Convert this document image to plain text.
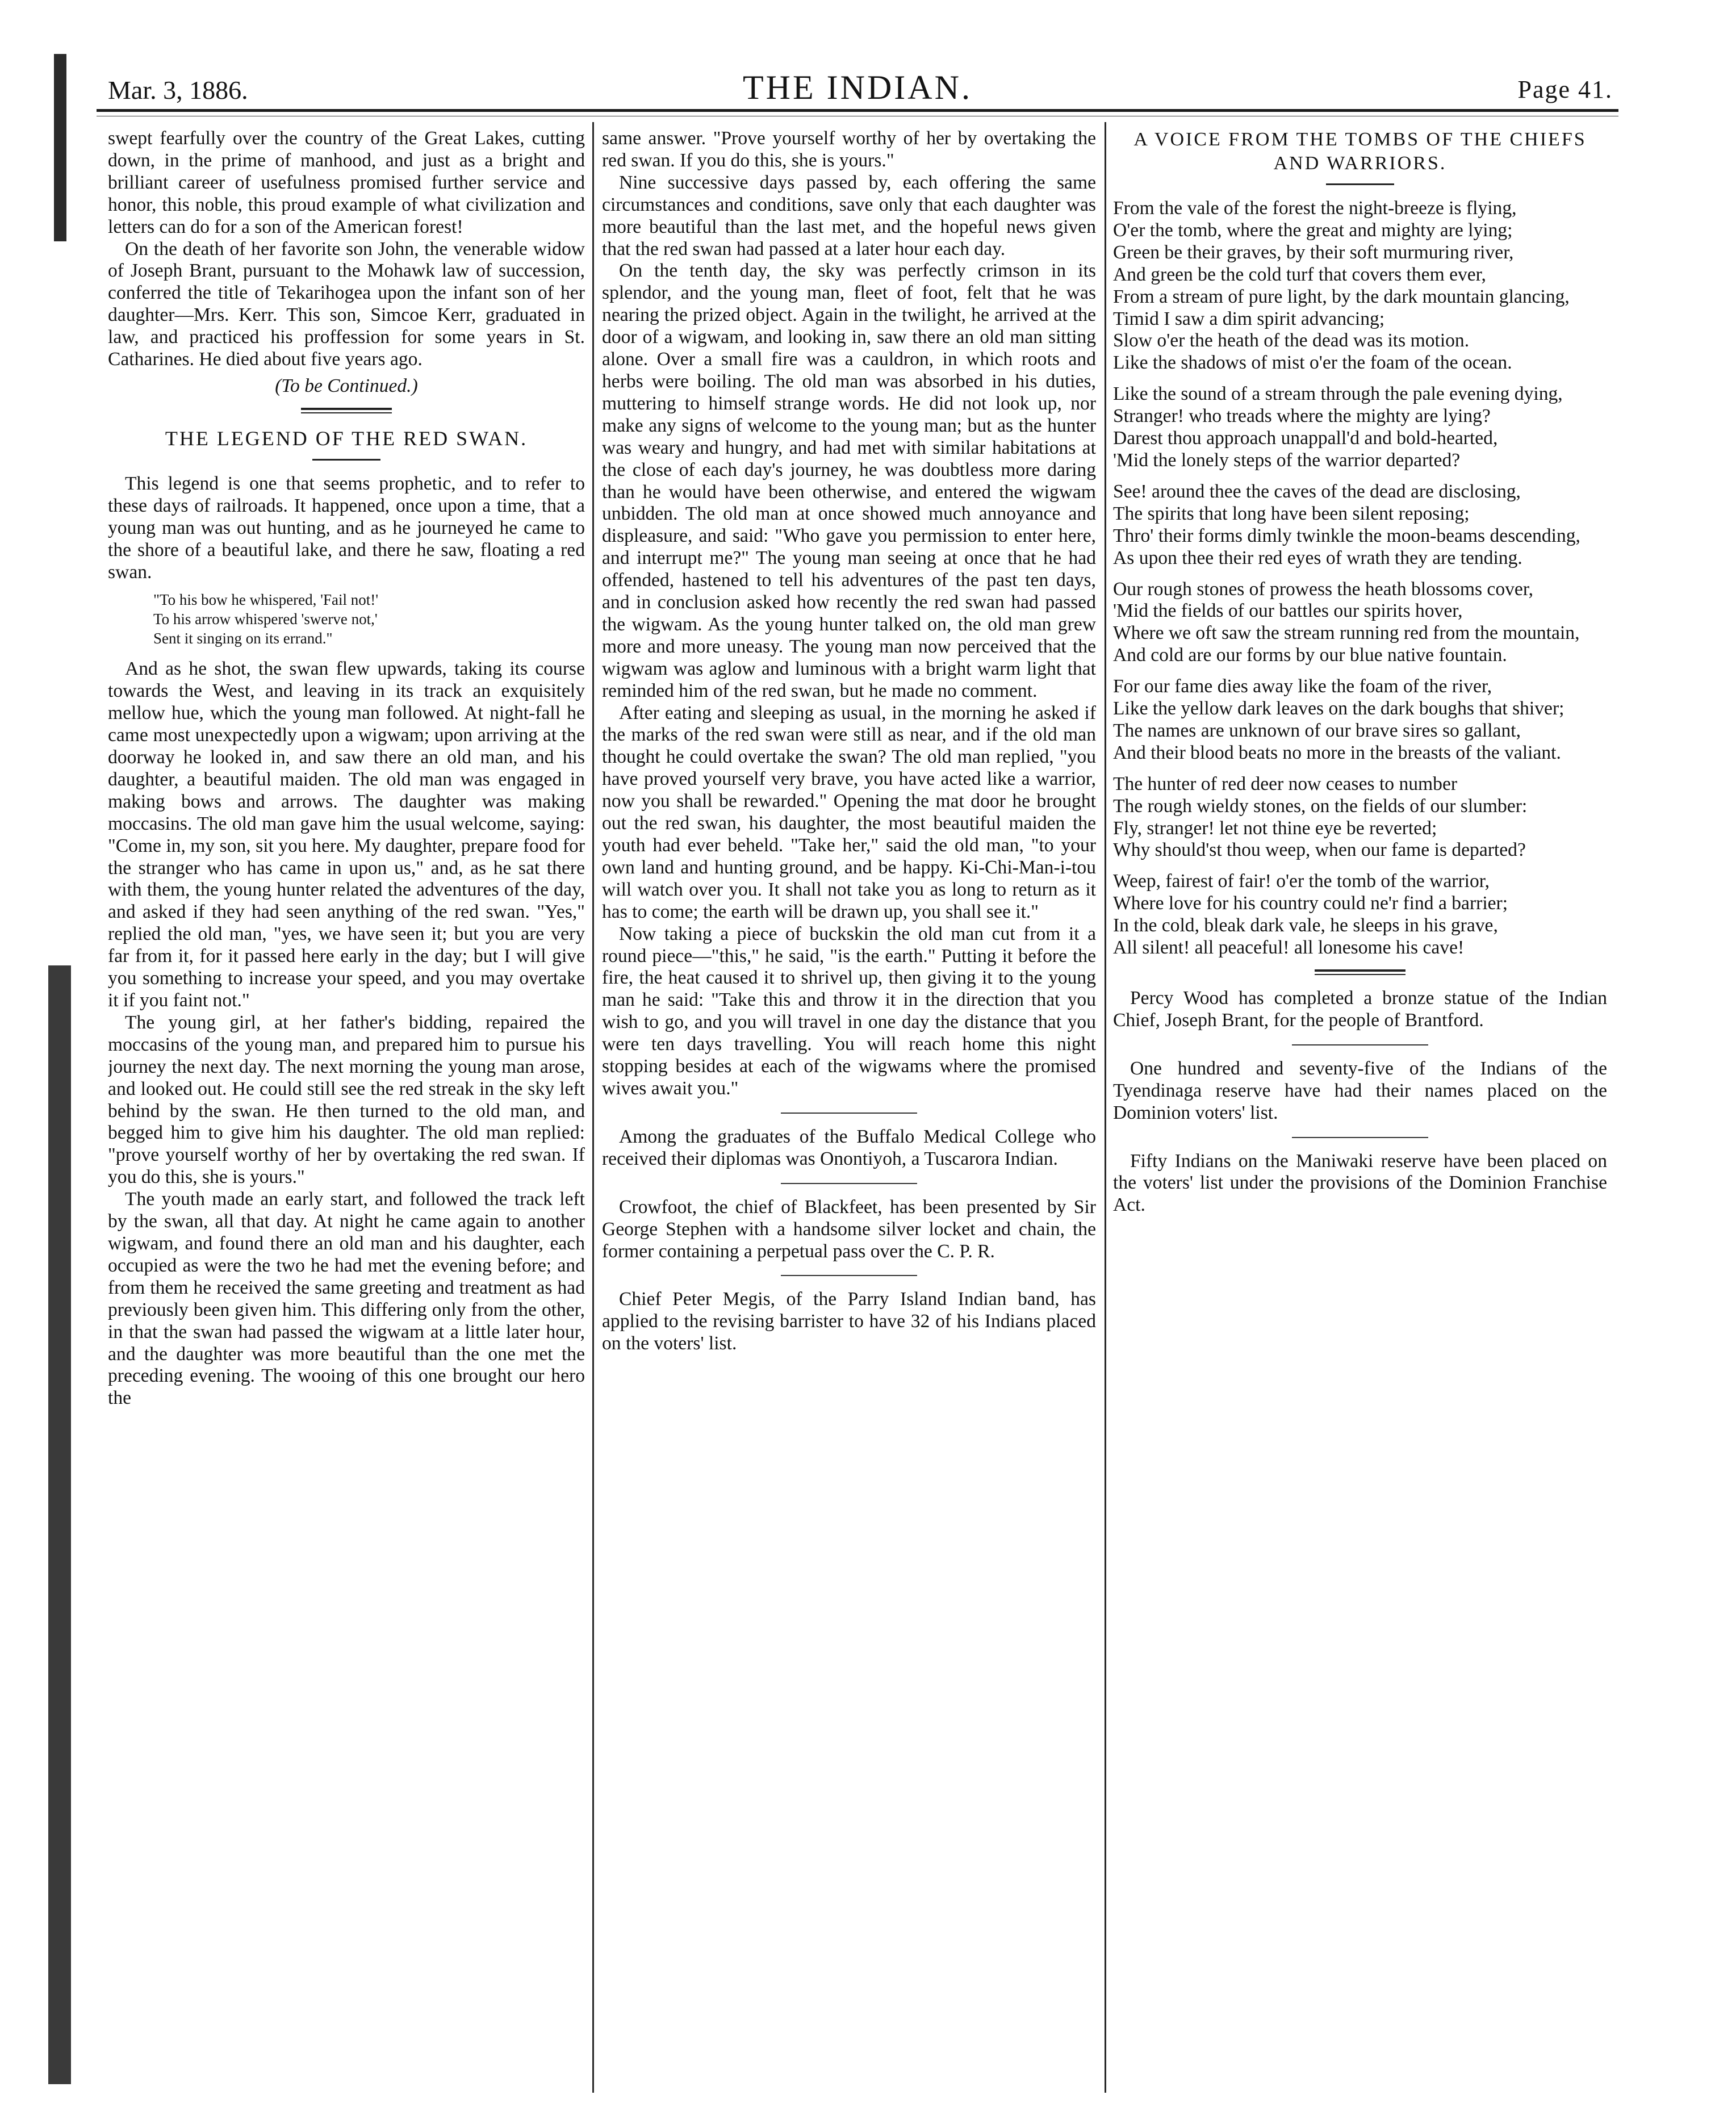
Mar. 3, 1886.	THE INDIAN.	Page 41.

swept fearfully over the country of the Great Lakes, cutting down, in the prime of manhood, and just as a bright and brilliant career of usefulness promised further service and honor, this noble, this proud example of what civilization and letters can do for a son of the American forest!

On the death of her favorite son John, the venerable widow of Joseph Brant, pursuant to the Mohawk law of succession, conferred the title of Tekarihogea upon the infant son of her daughter—Mrs. Kerr. This son, Simcoe Kerr, graduated in law, and practiced his proffession for some years in St. Catharines. He died about five years ago.

(To be Continued.)
THE LEGEND OF THE RED SWAN.

This legend is one that seems prophetic, and to refer to these days of railroads. It happened, once upon a time, that a young man was out hunting, and as he journeyed he came to the shore of a beautiful lake, and there he saw, floating a red swan.

"To his bow he whispered, 'Fail not!'
To his arrow whispered 'swerve not,'
Sent it singing on its errand."

And as he shot, the swan flew upwards, taking its course towards the West, and leaving in its track an exquisitely mellow hue, which the young man followed. At night-fall he came most unexpectedly upon a wigwam; upon arriving at the doorway he looked in, and saw there an old man, and his daughter, a beautiful maiden. The old man was engaged in making bows and arrows. The daughter was making moccasins. The old man gave him the usual welcome, saying: "Come in, my son, sit you here. My daughter, prepare food for the stranger who has came in upon us," and, as he sat there with them, the young hunter related the adventures of the day, and asked if they had seen anything of the red swan. "Yes," replied the old man, "yes, we have seen it; but you are very far from it, for it passed here early in the day; but I will give you something to increase your speed, and you may overtake it if you faint not."

The young girl, at her father's bidding, repaired the moccasins of the young man, and prepared him to pursue his journey the next day. The next morning the young man arose, and looked out. He could still see the red streak in the sky left behind by the swan. He then turned to the old man, and begged him to give him his daughter. The old man replied: "prove yourself worthy of her by overtaking the red swan. If you do this, she is yours."

The youth made an early start, and followed the track left by the swan, all that day. At night he came again to another wigwam, and found there an old man and his daughter, each occupied as were the two he had met the evening before; and from them he received the same greeting and treatment as had previously been given him. This differing only from the other, in that the swan had passed the wigwam at a little later hour, and the daughter was more beautiful than the one met the preceding evening. The wooing of this one brought our hero the

same answer. "Prove yourself worthy of her by overtaking the red swan. If you do this, she is yours."

Nine successive days passed by, each offering the same circumstances and conditions, save only that each daughter was more beautiful than the last met, and the hopeful news given that the red swan had passed at a later hour each day.

On the tenth day, the sky was perfectly crimson in its splendor, and the young man, fleet of foot, felt that he was nearing the prized object. Again in the twilight, he arrived at the door of a wigwam, and looking in, saw there an old man sitting alone. Over a small fire was a cauldron, in which roots and herbs were boiling. The old man was absorbed in his duties, muttering to himself strange words. He did not look up, nor make any signs of welcome to the young man; but as the hunter was weary and hungry, and had met with similar habitations at the close of each day's journey, he was doubtless more daring than he would have been otherwise, and entered the wigwam unbidden. The old man at once showed much annoyance and displeasure, and said: "Who gave you permission to enter here, and interrupt me?" The young man seeing at once that he had offended, hastened to tell his adventures of the past ten days, and in conclusion asked how recently the red swan had passed the wigwam. As the young hunter talked on, the old man grew more and more uneasy. The young man now perceived that the wigwam was aglow and luminous with a bright warm light that reminded him of the red swan, but he made no comment.

After eating and sleeping as usual, in the morning he asked if the marks of the red swan were still as near, and if the old man thought he could overtake the swan? The old man replied, "you have proved yourself very brave, you have acted like a warrior, now you shall be rewarded." Opening the mat door he brought out the red swan, his daughter, the most beautiful maiden the youth had ever beheld. "Take her," said the old man, "to your own land and hunting ground, and be happy. Ki-Chi-Man-i-tou will watch over you. It shall not take you as long to return as it has to come; the earth will be drawn up, you shall see it."

Now taking a piece of buckskin the old man cut from it a round piece—"this," he said, "is the earth." Putting it before the fire, the heat caused it to shrivel up, then giving it to the young man he said: "Take this and throw it in the direction that you wish to go, and you will travel in one day the distance that you were ten days travelling. You will reach home this night stopping besides at each of the wigwams where the promised wives await you."

Among the graduates of the Buffalo Medical College who received their diplomas was Onontiyoh, a Tuscarora Indian.

Crowfoot, the chief of Blackfeet, has been presented by Sir George Stephen with a handsome silver locket and chain, the former containing a perpetual pass over the C. P. R.

Chief Peter Megis, of the Parry Island Indian band, has applied to the revising barrister to have 32 of his Indians placed on the voters' list.

A VOICE FROM THE TOMBS OF THE CHIEFS AND WARRIORS.

From the vale of the forest the night-breeze is flying,

O'er the tomb, where the great and mighty are lying;

Green be their graves, by their soft murmuring river,

And green be the cold turf that covers them ever,

From a stream of pure light, by the dark mountain glancing,

Timid I saw a dim spirit advancing;

Slow o'er the heath of the dead was its motion.

Like the shadows of mist o'er the foam of the ocean.

Like the sound of a stream through the pale evening dying,

Stranger! who treads where the mighty are lying?

Darest thou approach unappall'd and bold-hearted,

'Mid the lonely steps of the warrior departed?

See! around thee the caves of the dead are disclosing,

The spirits that long have been silent reposing;

Thro' their forms dimly twinkle the moon-beams descending,

As upon thee their red eyes of wrath they are tending.

Our rough stones of prowess the heath blossoms cover,

'Mid the fields of our battles our spirits hover,

Where we oft saw the stream running red from the mountain,

And cold are our forms by our blue native fountain.

For our fame dies away like the foam of the river,

Like the yellow dark leaves on the dark boughs that shiver;

The names are unknown of our brave sires so gallant,

And their blood beats no more in the breasts of the valiant.

The hunter of red deer now ceases to number

The rough wieldy stones, on the fields of our slumber:

Fly, stranger! let not thine eye be reverted;

Why should'st thou weep, when our fame is departed?

Weep, fairest of fair! o'er the tomb of the warrior,

Where love for his country could ne'r find a barrier;

In the cold, bleak dark vale, he sleeps in his grave,

All silent! all peaceful! all lonesome his cave!

Percy Wood has completed a bronze statue of the Indian Chief, Joseph Brant, for the people of Brantford.

One hundred and seventy-five of the Indians of the Tyendinaga reserve have had their names placed on the Dominion voters' list.

Fifty Indians on the Maniwaki reserve have been placed on the voters' list under the provisions of the Dominion Franchise Act.
